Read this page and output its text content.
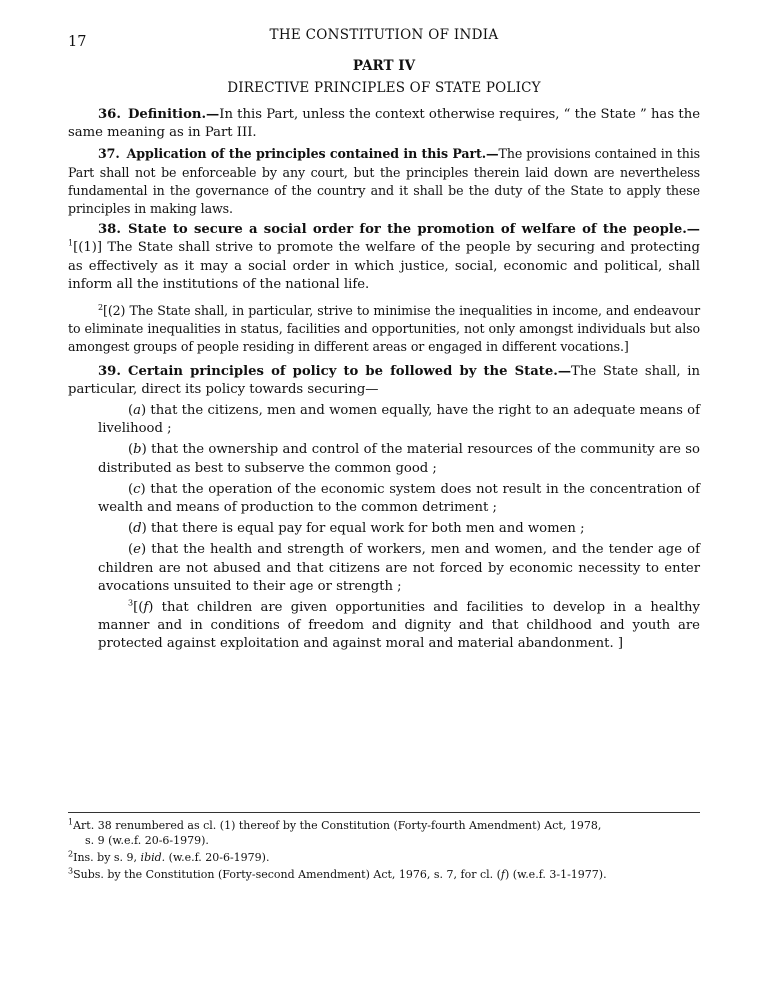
17	THE CONSTITUTION OF INDIA
PART IV
DIRECTIVE PRINCIPLES OF STATE POLICY

36. Definition.—In this Part, unless the context otherwise requires, “ the State ” has the same meaning as in Part III.

37. Application of the principles contained in this Part.—The provisions contained in this Part shall not be enforceable by any court, but the principles therein laid down are nevertheless fundamental in the governance of the country and it shall be the duty of the State to apply these principles in making laws.

38. State to secure a social order for the promotion of welfare of the people.—$^1$[(1)] The State shall strive to promote the welfare of the people by securing and protecting as effectively as it may a social order in which justice, social, economic and political, shall inform all the institutions of the national life.

$^2$[(2) The State shall, in particular, strive to minimise the inequalities in income, and endeavour to eliminate inequalities in status, facilities and opportunities, not only amongst individuals but also amongest groups of people residing in different areas or engaged in different vocations.]

39. Certain principles of policy to be followed by the State.—The State shall, in particular, direct its policy towards securing—

(a) that the citizens, men and women equally, have the right to an adequate means of livelihood ;

(b) that the ownership and control of the material resources of the community are so distributed as best to subserve the common good ;

(c) that the operation of the economic system does not result in the concentration of wealth and means of production to the common detriment ;

(d) that there is equal pay for equal work for both men and women ;

(e) that the health and strength of workers, men and women, and the tender age of children are not abused and that citizens are not forced by economic necessity to enter avocations unsuited to their age or strength ;

$^3$[(f) that children are given opportunities and facilities to develop in a healthy manner and in conditions of freedom and dignity and that childhood and youth are protected against exploitation and against moral and material abandonment. ]

$^1$Art. 38 renumbered as cl. (1) thereof by the Constitution (Forty-fourth Amendment) Act, 1978,
s. 9 (w.e.f. 20-6-1979).
$^2$Ins. by s. 9, ibid. (w.e.f. 20-6-1979).
$^3$Subs. by the Constitution (Forty-second Amendment) Act, 1976, s. 7, for cl. (f) (w.e.f. 3-1-1977).
